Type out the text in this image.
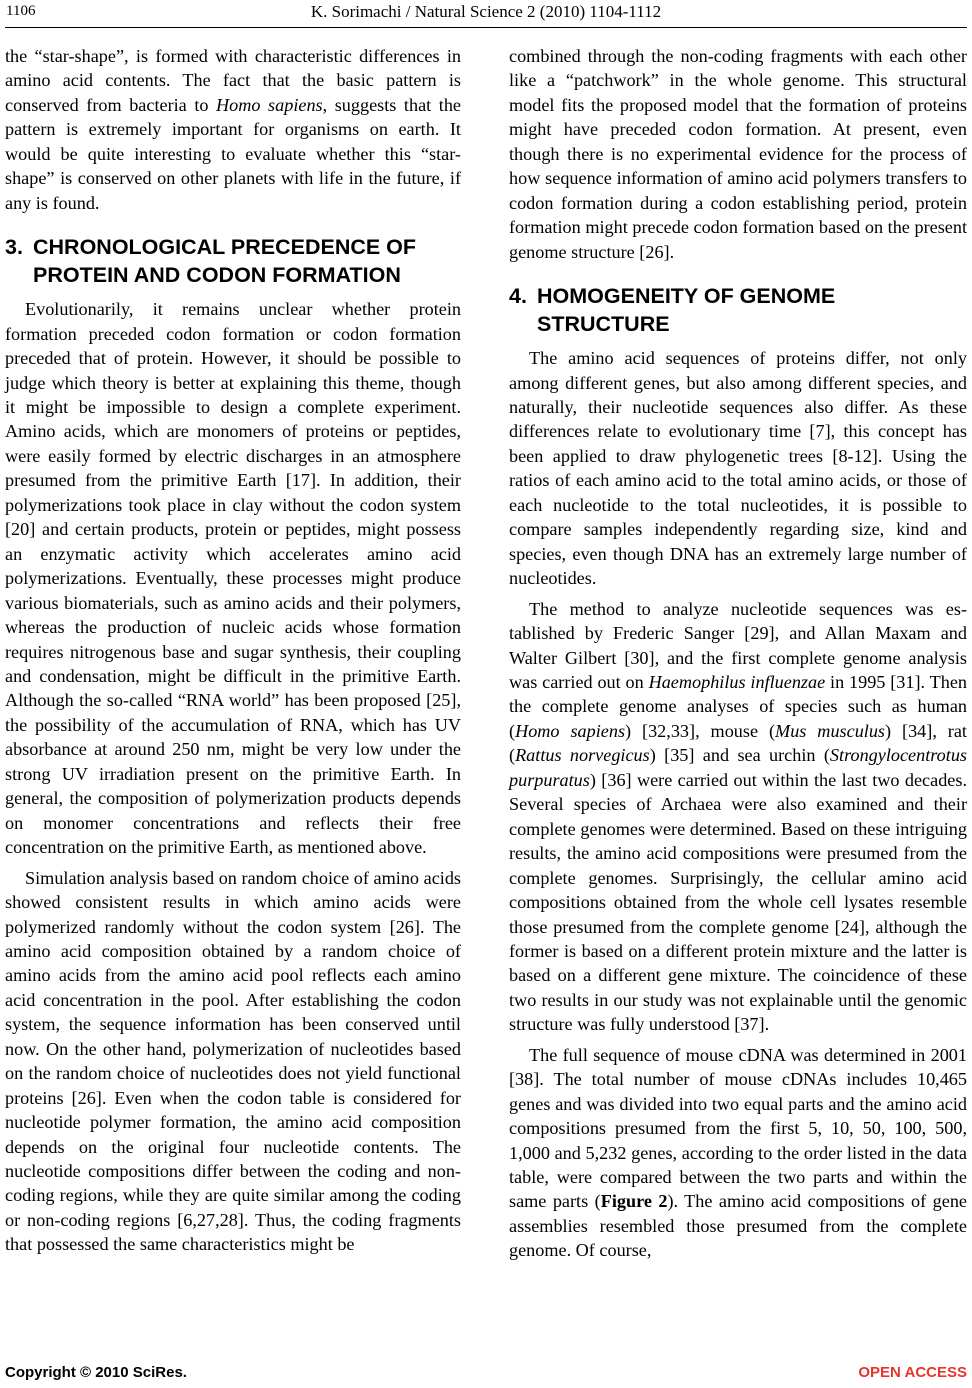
1106	K. Sorimachi / Natural Science 2 (2010) 1104-1112

the “star-shape”, is formed with characteristic differences in amino acid contents. The fact that the basic pattern is conserved from bacteria to Homo sapiens, suggests that the pattern is extremely important for organisms on earth. It would be quite interesting to evaluate whether this “star-shape” is conserved on other planets with life in the future, if any is found.

3. CHRONOLOGICAL PRECEDENCE OF
PROTEIN AND CODON FORMATION

Evolutionarily, it remains unclear whether protein formation preceded codon formation or codon formation preceded that of protein. However, it should be possible to judge which theory is better at explaining this theme, though it might be impossible to design a complete experiment. Amino acids, which are monomers of proteins or peptides, were easily formed by electric discharges in an atmosphere presumed from the primitive Earth [17]. In addition, their polymerizations took place in clay without the codon system [20] and certain products, protein or peptides, might possess an enzymatic activity which accelerates amino acid polymerizations. Eventually, these processes might produce various biomaterials, such as amino acids and their polymers, whereas the production of nucleic acids whose formation requires nitrogenous base and sugar synthesis, their coupling and condensation, might be difficult in the primitive Earth. Although the so-called “RNA world” has been proposed [25], the possibility of the accumulation of RNA, which has UV absorbance at around 250 nm, might be very low under the strong UV irradiation present on the primitive Earth. In general, the composition of polymerization products depends on monomer concentrations and reflects their free concentration on the primitive Earth, as mentioned above.

Simulation analysis based on random choice of amino acids showed consistent results in which amino acids were polymerized randomly without the codon system [26]. The amino acid composition obtained by a random choice of amino acids from the amino acid pool reflects each amino acid concentration in the pool. After establishing the codon system, the sequence information has been conserved until now. On the other hand, polymerization of nucleotides based on the random choice of nucleotides does not yield functional proteins [26]. Even when the codon table is considered for nucleotide polymer formation, the amino acid composition depends on the original four nucleotide contents. The nucleotide compositions differ between the coding and non-coding regions, while they are quite similar among the coding or non-coding regions [6,27,28]. Thus, the coding fragments that possessed the same characteristics might be

combined through the non-coding fragments with each other like a “patchwork” in the whole genome. This structural model fits the proposed model that the formation of proteins might have preceded codon formation. At present, even though there is no experimental evidence for the process of how sequence information of amino acid polymers transfers to codon formation during a codon establishing period, protein formation might precede codon formation based on the present genome structure [26].

4. HOMOGENEITY OF GENOME
STRUCTURE

The amino acid sequences of proteins differ, not only among different genes, but also among different species, and naturally, their nucleotide sequences also differ. As these differences relate to evolutionary time [7], this concept has been applied to draw phylogenetic trees [8-12]. Using the ratios of each amino acid to the total amino acids, or those of each nucleotide to the total nucleotides, it is possible to compare samples independently regarding size, kind and species, even though DNA has an extremely large number of nucleotides.

The method to analyze nucleotide sequences was established by Frederic Sanger [29], and Allan Maxam and Walter Gilbert [30], and the first complete genome analysis was carried out on Haemophilus influenzae in 1995 [31]. Then the complete genome analyses of species such as human (Homo sapiens) [32,33], mouse (Mus musculus) [34], rat (Rattus norvegicus) [35] and sea urchin (Strongylocentrotus purpuratus) [36] were carried out within the last two decades. Several species of Archaea were also examined and their complete genomes were determined. Based on these intriguing results, the amino acid compositions were presumed from the complete genomes. Surprisingly, the cellular amino acid compositions obtained from the whole cell lysates resemble those presumed from the complete genome [24], although the former is based on a different protein mixture and the latter is based on a different gene mixture. The coincidence of these two results in our study was not explainable until the genomic structure was fully understood [37].

The full sequence of mouse cDNA was determined in 2001 [38]. The total number of mouse cDNAs includes 10,465 genes and was divided into two equal parts and the amino acid compositions presumed from the first 5, 10, 50, 100, 500, 1,000 and 5,232 genes, according to the order listed in the data table, were compared between the two parts and within the same parts (Figure 2). The amino acid compositions of gene assemblies resembled those presumed from the complete genome. Of course,

Copyright © 2010 SciRes.	OPEN ACCESS
